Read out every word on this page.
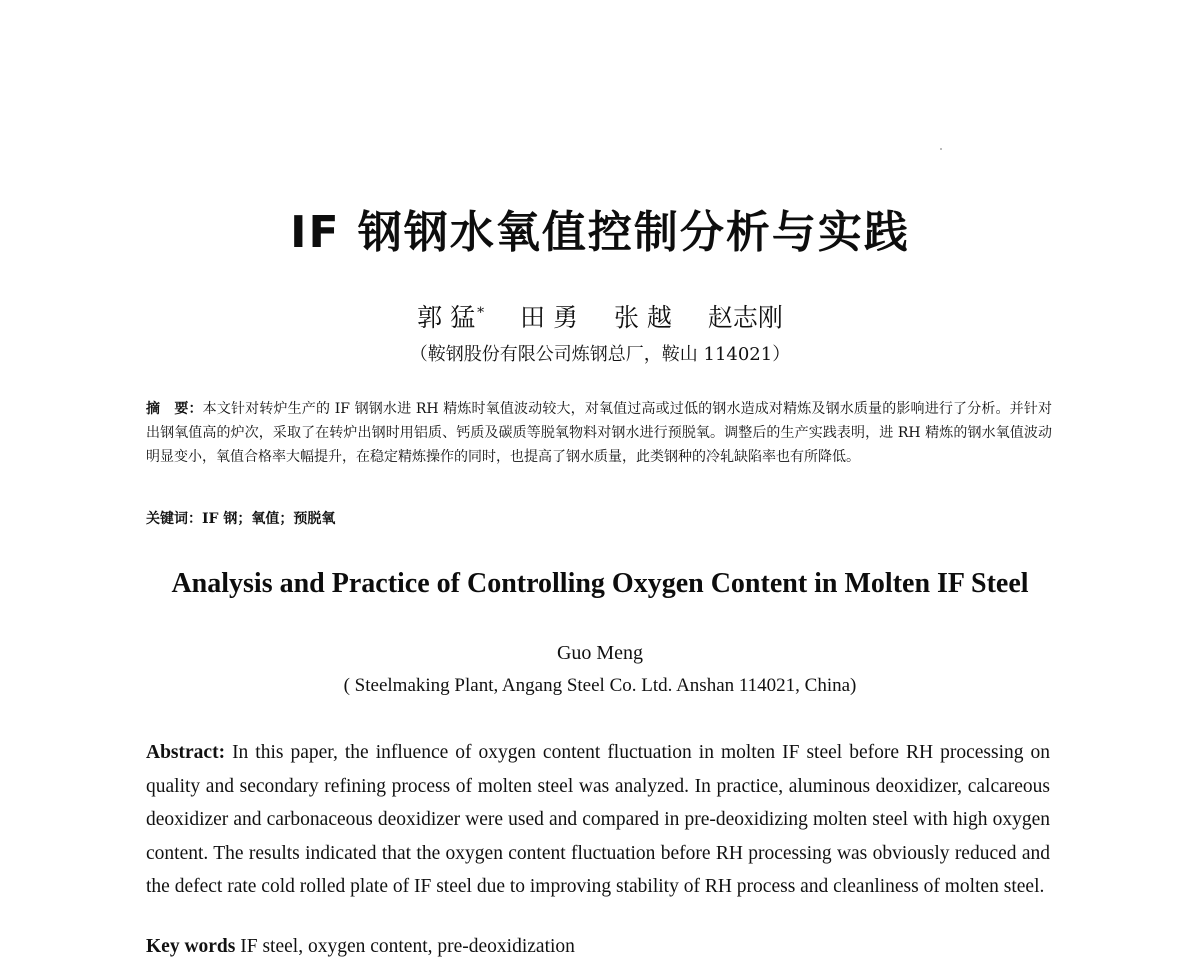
IF 钢钢水氧值控制分析与实践
郭 猛 * 田 勇 张 越 赵志刚
（鞍钢股份有限公司炼钢总厂，鞍山 114021）
摘　要：本文针对转炉生产的 IF 钢钢水进 RH 精炼时氧值波动较大，对氧值过高或过低的钢水造成对精炼及钢水质量的影响进行了分析。并针对出钢氧值高的炉次，采取了在转炉出钢时用铝质、钙质及碳质等脱氧物料对钢水进行预脱氧。调整后的生产实践表明，进 RH 精炼的钢水氧值波动明显变小，氧值合格率大幅提升，在稳定精炼操作的同时，也提高了钢水质量，此类钢种的冷轧缺陷率也有所降低。
关键词：IF 钢；氧值；预脱氧
Analysis and Practice of Controlling Oxygen Content in Molten IF Steel
Guo Meng
( Steelmaking Plant, Angang Steel Co. Ltd. Anshan 114021, China)
Abstract: In this paper, the influence of oxygen content fluctuation in molten IF steel before RH processing on quality and secondary refining process of molten steel was analyzed. In practice, aluminous deoxidizer, calcareous deoxidizer and carbonaceous deoxidizer were used and compared in pre-deoxidizing molten steel with high oxygen content. The results indicated that the oxygen content fluctuation before RH processing was obviously reduced and the defect rate cold rolled plate of IF steel due to improving stability of RH process and cleanliness of molten steel.
Key words IF steel, oxygen content, pre-deoxidization
